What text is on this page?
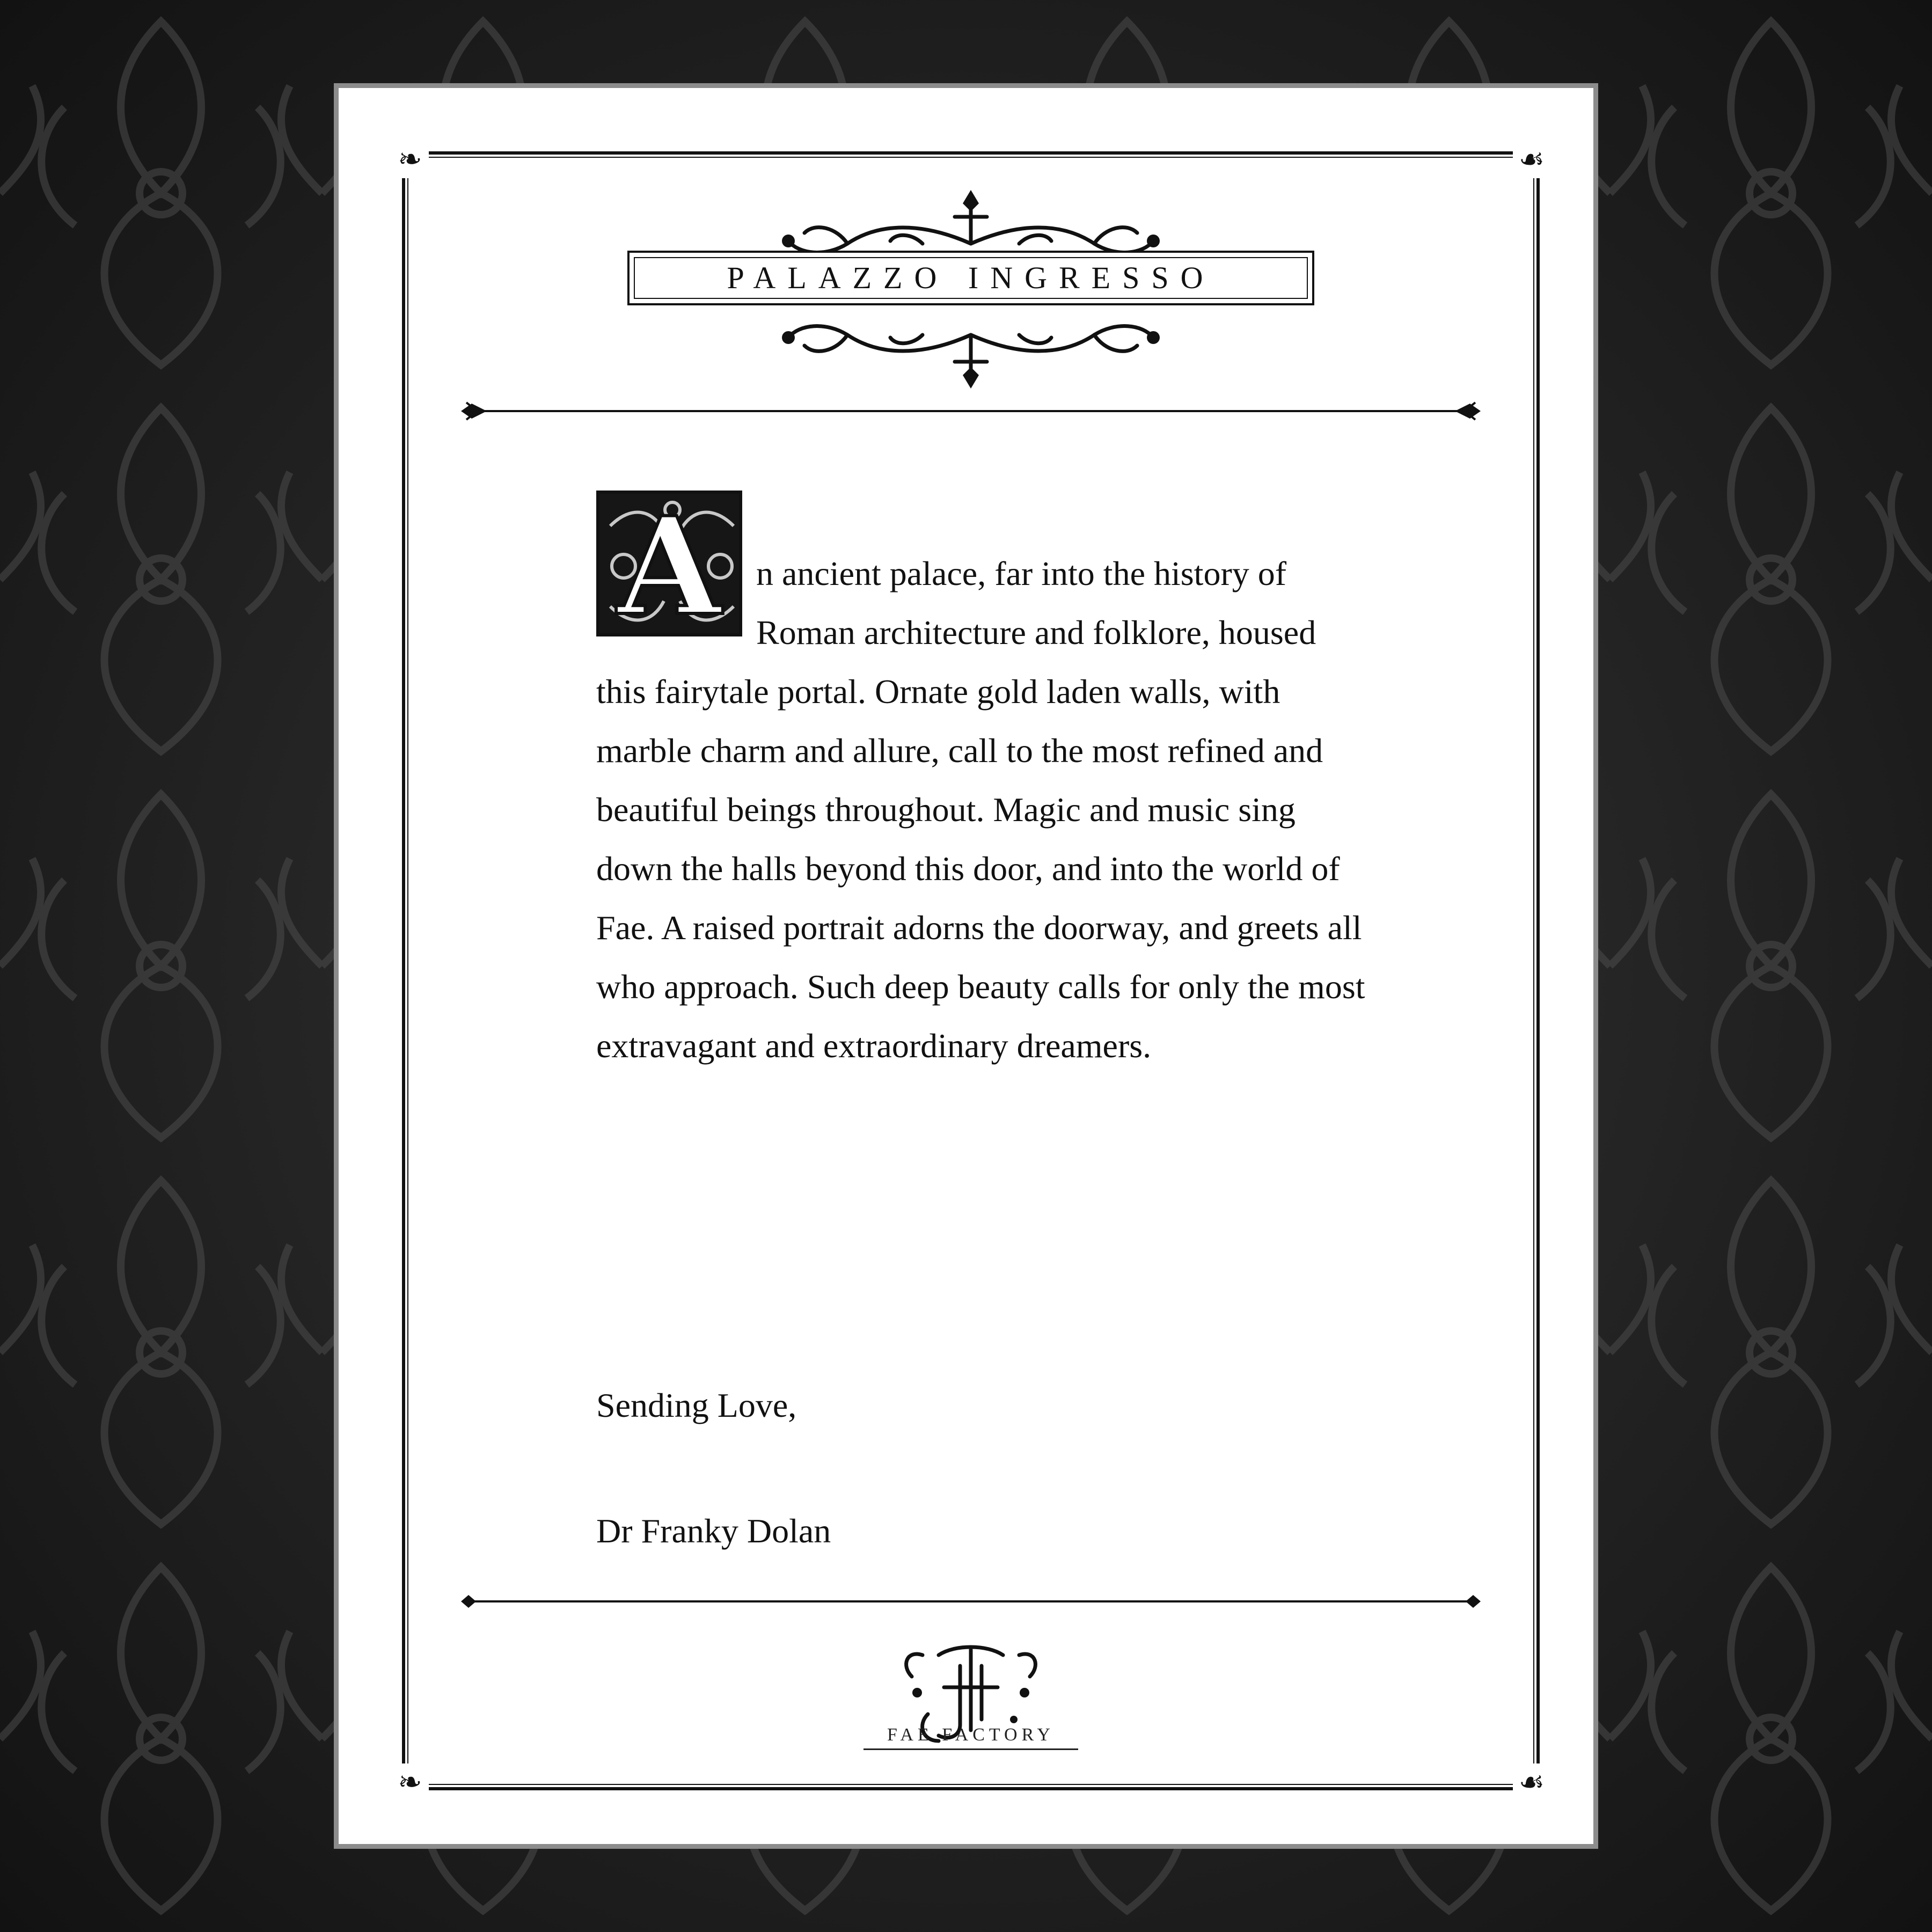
❧	☙
❧	☙
PALAZZO INGRESSO
A	n ancient palace, far into the history of Roman architecture and folklore, housed this fairytale portal. Ornate gold laden walls, with marble charm and allure, call to the most refined and beautiful beings throughout. Magic and music sing down the halls beyond this door, and into the world of Fae. A raised portrait adorns the doorway, and greets all who approach. Such deep beauty calls for only the most extravagant and extraordinary dreamers.

Sending Love,
Dr Franky Dolan
FAE FACTORY
